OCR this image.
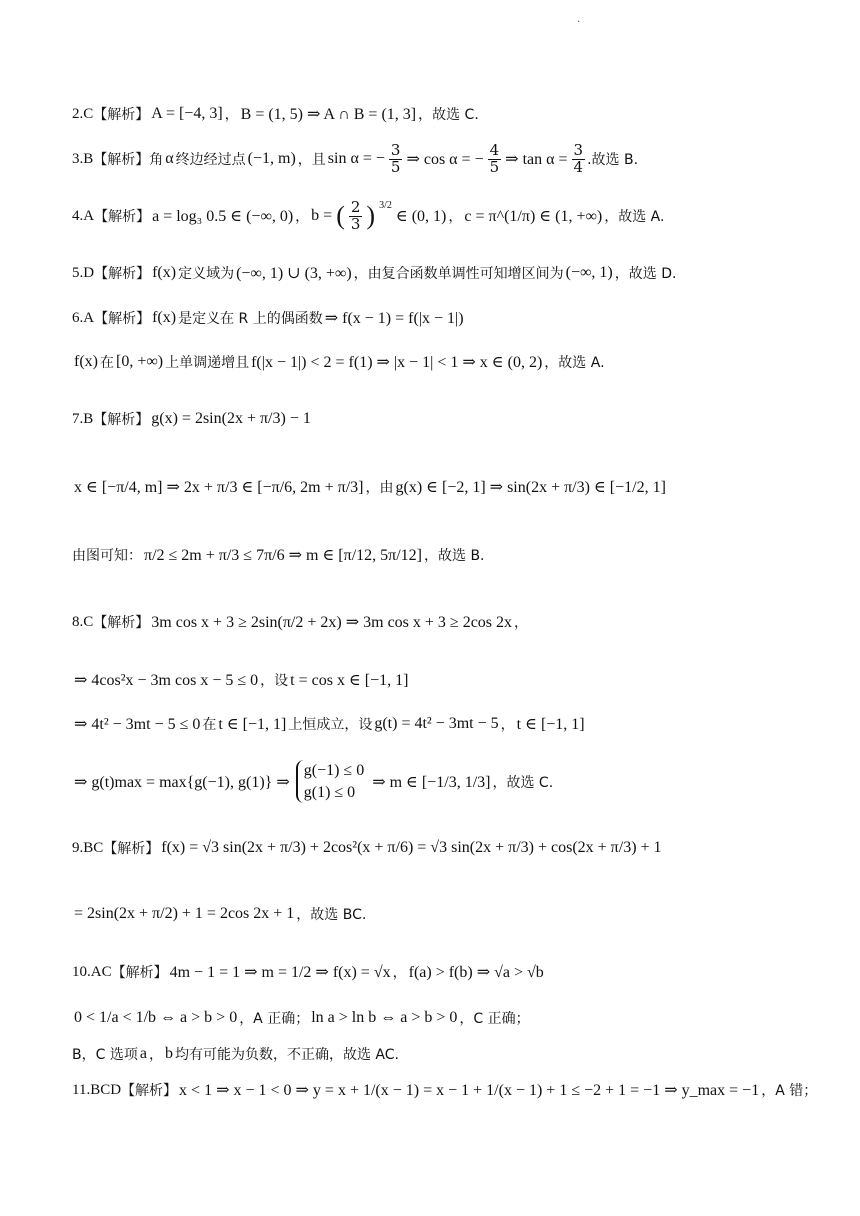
.
2.C 【解析】 A = [−4, 3] ， B = (1, 5) ⇒ A ∩ B = (1, 3] ，故选 C.
3.B 【解析】 角 α 终边经过点 (−1, m) ，且 sin α = − $\frac{3}{5}$ ⇒ cos α = − $\frac{4}{5}$ ⇒ $\tan \alpha = \frac{3}{4}$ .故选 B.
4.A 【解析】 a = log₃ 0.5 ∈ (−∞, 0) ， b = ( $\frac{2}{3}$ ) $^{3/2}$
∈ (0, 1) ， c = π^(1/π) ∈ (1, +∞) ，故选 A.
5.D 【解析】 f(x) 定义域为 (−∞, 1) ∪ (3, +∞) ，由复合函数单调性可知增区间为 (−∞, 1) ，故选 D.
6.A 【解析】 f(x) 是定义在 R 上的偶函数 ⇒ f(x − 1) = f(|x − 1|)
f(x) 在 [0, +∞) 上单调递增且 f(|x − 1|) < 2 = f(1) ⇒ |x − 1| < 1 ⇒ x ∈ (0, 2) ，故选 A.
7.B 【解析】 g(x) = 2sin(2x + π/3) − 1
x ∈ [−π/4, m] ⇒ 2x + π/3 ∈ [−π/6, 2m + π/3] ，由 g(x) ∈ [−2, 1] ⇒ sin(2x + π/3) ∈ [−1/2, 1]
由图可知： π/2 ≤ 2m + π/3 ≤ 7π/6 ⇒ m ∈ [π/12, 5π/12] ，故选 B.
8.C 【解析】 3m cos x + 3 ≥ 2sin(π/2 + 2x) ⇒ 3m cos x + 3 ≥ 2cos 2x ，
⇒ 4cos²x − 3m cos x − 5 ≤ 0 ，设 t = cos x ∈ [−1, 1]
⇒ 4t² − 3mt − 5 ≤ 0 在 t ∈ [−1, 1] 上恒成立，设 g(t) = 4t² − 3mt − 5 ， t ∈ [−1, 1]
⇒ g(t)max = max{g(−1), g(1)} ⇒
g(−1) ≤ 0
g(1) ≤ 0
⇒ m ∈ [−1/3, 1/3] ，故选 C.
9.BC 【解析】 f(x) = √3 sin(2x + π/3) + 2cos²(x + π/6) = √3 sin(2x + π/3) + cos(2x + π/3) + 1
= 2sin(2x + π/2) + 1 = 2cos 2x + 1 ，故选 BC.
10.AC 【解析】 4m − 1 = 1 ⇒ m = 1/2 ⇒ f(x) = √x ， f(a) > f(b) ⇒ √a > √b
0 < 1/a < 1/b ⇔ a > b > 0 ，A 正确； ln a > ln b ⇔ a > b > 0 ，C 正确；
B，C 选项 a ， b 均有可能为负数，不正确，故选 AC.
11.BCD 【解析】 x < 1 ⇒ x − 1 < 0 ⇒ y = x + 1/(x − 1) = x − 1 + 1/(x − 1) + 1 ≤ −2 + 1 = −1 ⇒ y_max = −1 ，A 错；
